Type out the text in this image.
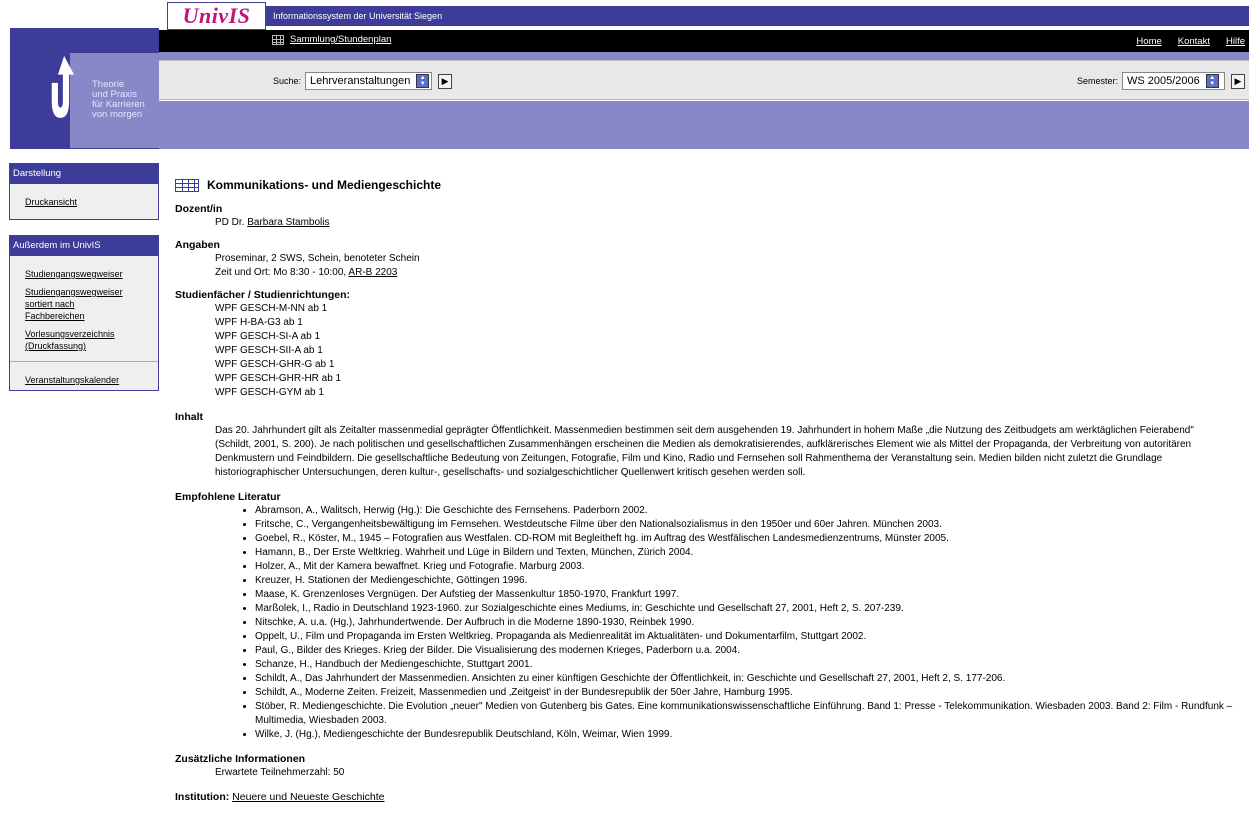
Informationssystem der Universität Siegen
UnivIS
Theorie
und Praxis
für Karrieren
von morgen
Sammlung/Stundenplan	Home Kontakt Hilfe
Suche: Lehrveranstaltungen	▲
▼	▶	Semester: WS 2005/2006	▲
▼	▶
Darstellung
Druckansicht
Außerdem im UnivIS
Studiengangswegweiser
Studiengangswegweiser sortiert nach Fachbereichen
Vorlesungsverzeichnis (Druckfassung)
Veranstaltungskalender
Kommunikations- und Mediengeschichte
Dozent/in
PD Dr. Barbara Stambolis
Angaben
Proseminar, 2 SWS, Schein, benoteter Schein
Zeit und Ort: Mo 8:30 - 10:00, AR-B 2203
Studienfächer / Studienrichtungen:
WPF GESCH-M-NN ab 1
WPF H-BA-G3 ab 1
WPF GESCH-SI-A ab 1
WPF GESCH-SII-A ab 1
WPF GESCH-GHR-G ab 1
WPF GESCH-GHR-HR ab 1
WPF GESCH-GYM ab 1
Inhalt
Das 20. Jahrhundert gilt als Zeitalter massenmedial geprägter Öffentlichkeit. Massenmedien bestimmen seit dem ausgehenden 19. Jahrhundert in hohem Maße „die Nutzung des Zeitbudgets am werktäglichen Feierabend" (Schildt, 2001, S. 200). Je nach politischen und gesellschaftlichen Zusammenhängen erscheinen die Medien als demokratisierendes, aufklärerisches Element wie als Mittel der Propaganda, der Verbreitung von autoritären Denkmustern und Feindbildern. Die gesellschaftliche Bedeutung von Zeitungen, Fotografie, Film und Kino, Radio und Fernsehen soll Rahmenthema der Veranstaltung sein. Medien bilden nicht zuletzt die Grundlage historiographischer Untersuchungen, deren kultur-, gesellschafts- und sozialgeschichtlicher Quellenwert kritisch gesehen werden soll.
Empfohlene Literatur
• Abramson, A., Walitsch, Herwig (Hg.): Die Geschichte des Fernsehens. Paderborn 2002.
• Fritsche, C., Vergangenheitsbewältigung im Fernsehen. Westdeutsche Filme über den Nationalsozialismus in den 1950er und 60er Jahren. München 2003.
• Goebel, R., Köster, M., 1945 – Fotografien aus Westfalen. CD-ROM mit Begleitheft hg. im Auftrag des Westfälischen Landesmedienzentrums, Münster 2005.
• Hamann, B., Der Erste Weltkrieg. Wahrheit und Lüge in Bildern und Texten, München, Zürich 2004.
• Holzer, A., Mit der Kamera bewaffnet. Krieg und Fotografie. Marburg 2003.
• Kreuzer, H. Stationen der Mediengeschichte, Göttingen 1996.
• Maase, K. Grenzenloses Vergnügen. Der Aufstieg der Massenkultur 1850-1970, Frankfurt 1997.
• Marßolek, I., Radio in Deutschland 1923-1960. zur Sozialgeschichte eines Mediums, in: Geschichte und Gesellschaft 27, 2001, Heft 2, S. 207-239.
• Nitschke, A. u.a. (Hg.), Jahrhundertwende. Der Aufbruch in die Moderne 1890-1930, Reinbek 1990.
• Oppelt, U., Film und Propaganda im Ersten Weltkrieg. Propaganda als Medienrealität im Aktualitäten- und Dokumentarfilm, Stuttgart 2002.
• Paul, G., Bilder des Krieges. Krieg der Bilder. Die Visualisierung des modernen Krieges, Paderborn u.a. 2004.
• Schanze, H., Handbuch der Mediengeschichte, Stuttgart 2001.
• Schildt, A., Das Jahrhundert der Massenmedien. Ansichten zu einer künftigen Geschichte der Öffentlichkeit, in: Geschichte und Gesellschaft 27, 2001, Heft 2, S. 177-206.
• Schildt, A., Moderne Zeiten. Freizeit, Massenmedien und ‚Zeitgeist' in der Bundesrepublik der 50er Jahre, Hamburg 1995.
• Stöber, R. Mediengeschichte. Die Evolution „neuer" Medien von Gutenberg bis Gates. Eine kommunikationswissenschaftliche Einführung. Band 1: Presse - Telekommunikation. Wiesbaden 2003. Band 2: Film - Rundfunk – Multimedia, Wiesbaden 2003.
• Wilke, J. (Hg.), Mediengeschichte der Bundesrepublik Deutschland, Köln, Weimar, Wien 1999.
Zusätzliche Informationen
Erwartete Teilnehmerzahl: 50
Institution: Neuere und Neueste Geschichte
